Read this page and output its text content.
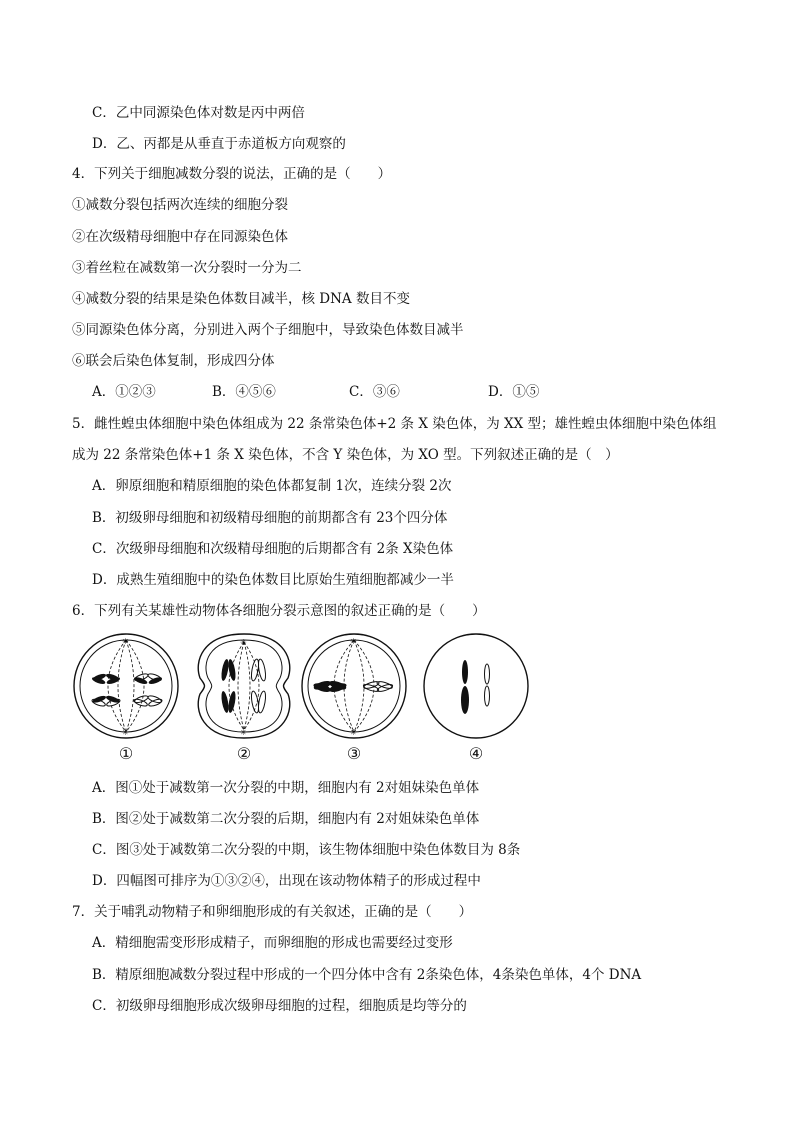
C．乙中同源染色体对数是丙中两倍
D．乙、丙都是从垂直于赤道板方向观察的
4．下列关于细胞减数分裂的说法，正确的是（　　）
①减数分裂包括两次连续的细胞分裂
②在次级精母细胞中存在同源染色体
③着丝粒在减数第一次分裂时一分为二
④减数分裂的结果是染色体数目减半，核 DNA 数目不变
⑤同源染色体分离，分别进入两个子细胞中，导致染色体数目减半
⑥联会后染色体复制，形成四分体
A．①②③	B．④⑤⑥	C．③⑥	D．①⑤
5．雌性蝗虫体细胞中染色体组成为 22 条常染色体+2 条 X 染色体，为 XX 型；雄性蝗虫体细胞中染色体组
成为 22 条常染色体+1 条 X 染色体，不含 Y 染色体，为 XO 型。下列叙述正确的是（　）
A．卵原细胞和精原细胞的染色体都复制 1次，连续分裂 2次
B．初级卵母细胞和初级精母细胞的前期都含有 23个四分体
C．次级卵母细胞和次级精母细胞的后期都含有 2条 X染色体
D．成熟生殖细胞中的染色体数目比原始生殖细胞都减少一半
6．下列有关某雄性动物体各细胞分裂示意图的叙述正确的是（　　）
✳
✳
①
✳
✳
②
✳
✳
③	④
A．图①处于减数第一次分裂的中期，细胞内有 2对姐妹染色单体
B．图②处于减数第二次分裂的后期，细胞内有 2对姐妹染色单体
C．图③处于减数第二次分裂的中期，该生物体细胞中染色体数目为 8条
D．四幅图可排序为①③②④，出现在该动物体精子的形成过程中
7．关于哺乳动物精子和卵细胞形成的有关叙述，正确的是（　　）
A．精细胞需变形形成精子，而卵细胞的形成也需要经过变形
B．精原细胞减数分裂过程中形成的一个四分体中含有 2条染色体，4条染色单体，4个 DNA
C．初级卵母细胞形成次级卵母细胞的过程，细胞质是均等分的
